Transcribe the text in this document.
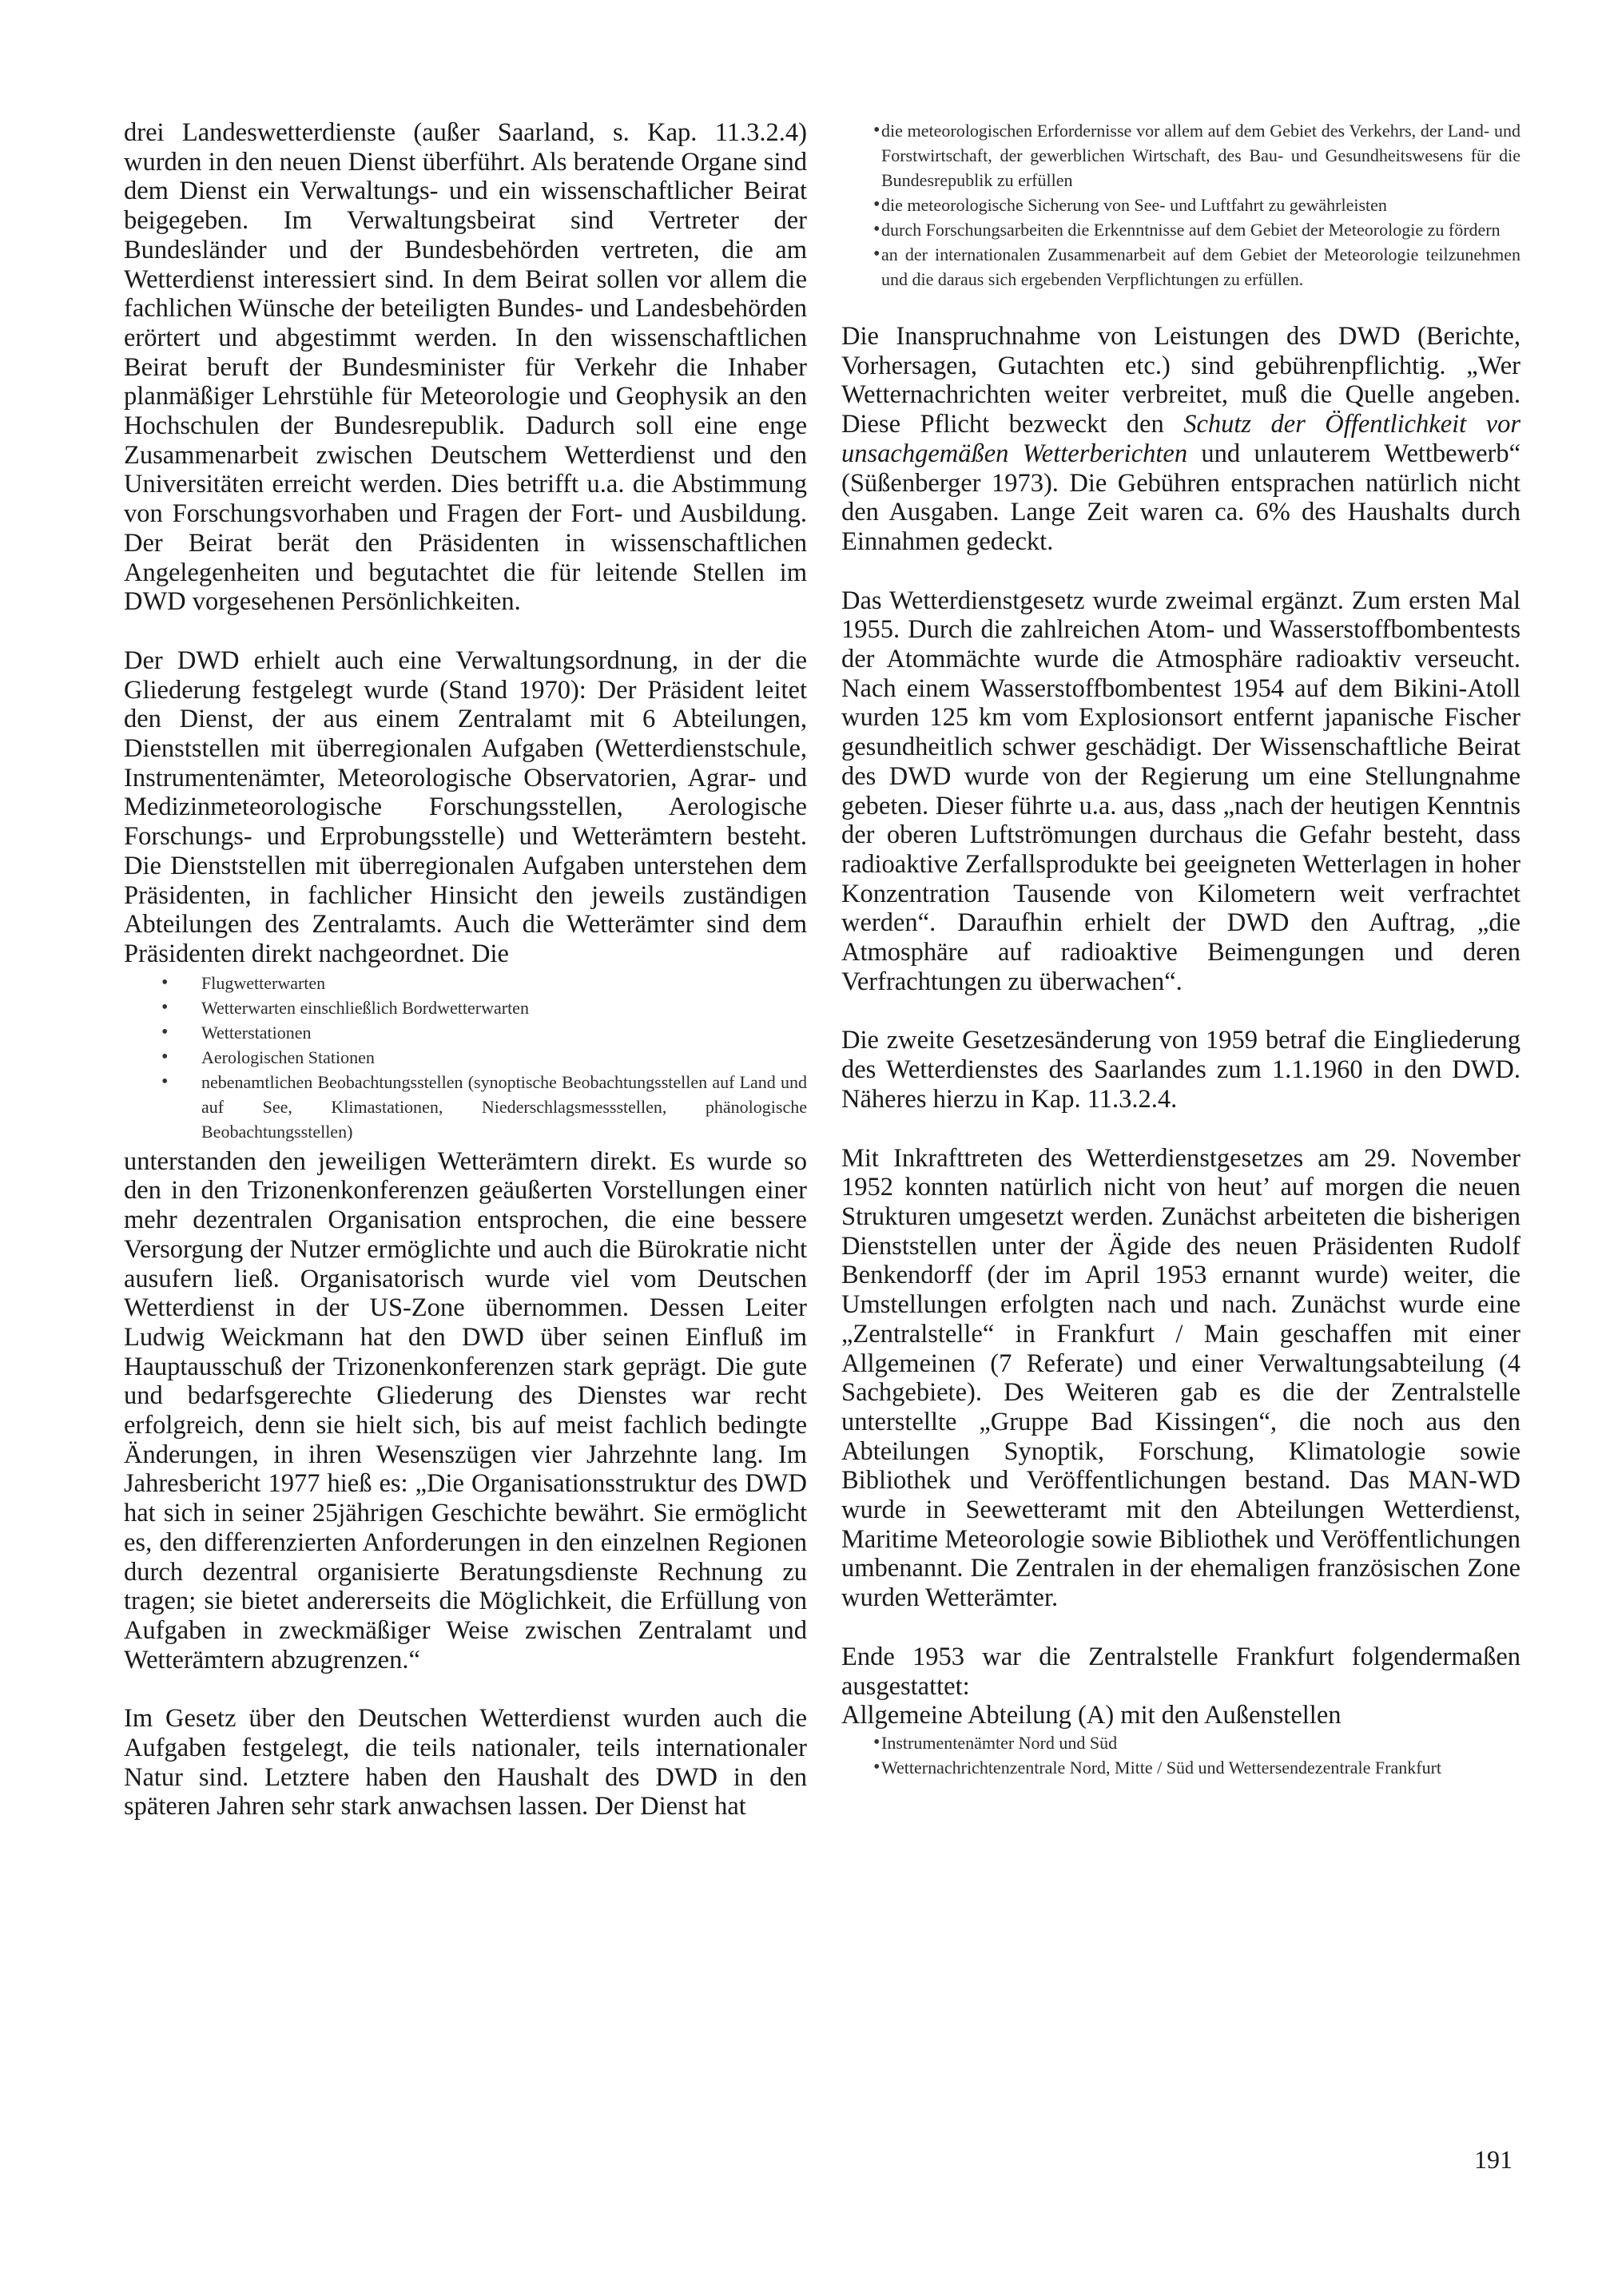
drei Landeswetterdienste (außer Saarland, s. Kap. 11.3.2.4) wurden in den neuen Dienst überführt. Als beratende Organe sind dem Dienst ein Verwaltungs- und ein wissenschaftlicher Beirat beigegeben. Im Verwaltungsbeirat sind Vertreter der Bundesländer und der Bundesbehörden vertreten, die am Wetterdienst interessiert sind. In dem Beirat sollen vor allem die fachlichen Wünsche der beteiligten Bundes- und Landesbehörden erörtert und abgestimmt werden. In den wissenschaftlichen Beirat beruft der Bundesminister für Verkehr die Inhaber planmäßiger Lehrstühle für Meteorologie und Geophysik an den Hochschulen der Bundesrepublik. Dadurch soll eine enge Zusammenarbeit zwischen Deutschem Wetterdienst und den Universitäten erreicht werden. Dies betrifft u.a. die Abstimmung von Forschungsvorhaben und Fragen der Fort- und Ausbildung. Der Beirat berät den Präsidenten in wissenschaftlichen Angelegenheiten und begutachtet die für leitende Stellen im DWD vorgesehenen Persönlichkeiten.

Der DWD erhielt auch eine Verwaltungsordnung, in der die Gliederung festgelegt wurde (Stand 1970): Der Präsident leitet den Dienst, der aus einem Zentralamt mit 6 Abteilungen, Dienststellen mit überregionalen Aufgaben (Wetterdienstschule, Instrumentenämter, Meteorologische Observatorien, Agrar- und Medizinmeteorologische Forschungsstellen, Aerologische Forschungs- und Erprobungsstelle) und Wetterämtern besteht. Die Dienststellen mit überregionalen Aufgaben unterstehen dem Präsidenten, in fachlicher Hinsicht den jeweils zuständigen Abteilungen des Zentralamts. Auch die Wetterämter sind dem Präsidenten direkt nachgeordnet. Die

• Flugwetterwarten
• Wetterwarten einschließlich Bordwetterwarten
• Wetterstationen
• Aerologischen Stationen
• nebenamtlichen Beobachtungsstellen (synoptische Beobachtungsstellen auf Land und auf See, Klimastationen, Niederschlagsmessstellen, phänologische Beobachtungsstellen)

unterstanden den jeweiligen Wetterämtern direkt. Es wurde so den in den Trizonenkonferenzen geäußerten Vorstellungen einer mehr dezentralen Organisation entsprochen, die eine bessere Versorgung der Nutzer ermöglichte und auch die Bürokratie nicht ausufern ließ. Organisatorisch wurde viel vom Deutschen Wetterdienst in der US-Zone übernommen. Dessen Leiter Ludwig Weickmann hat den DWD über seinen Einfluß im Hauptausschuß der Trizonenkonferenzen stark geprägt. Die gute und bedarfsgerechte Gliederung des Dienstes war recht erfolgreich, denn sie hielt sich, bis auf meist fachlich bedingte Änderungen, in ihren Wesenszügen vier Jahrzehnte lang. Im Jahresbericht 1977 hieß es: „Die Organisationsstruktur des DWD hat sich in seiner 25jährigen Geschichte bewährt. Sie ermöglicht es, den differenzierten Anforderungen in den einzelnen Regionen durch dezentral organisierte Beratungsdienste Rechnung zu tragen; sie bietet andererseits die Möglichkeit, die Erfüllung von Aufgaben in zweckmäßiger Weise zwischen Zentralamt und Wetterämtern abzugrenzen.“

Im Gesetz über den Deutschen Wetterdienst wurden auch die Aufgaben festgelegt, die teils nationaler, teils internationaler Natur sind. Letztere haben den Haushalt des DWD in den späteren Jahren sehr stark anwachsen lassen. Der Dienst hat

• die meteorologischen Erfordernisse vor allem auf dem Gebiet des Verkehrs, der Land- und Forstwirtschaft, der gewerblichen Wirtschaft, des Bau- und Gesundheitswesens für die Bundesrepublik zu erfüllen
• die meteorologische Sicherung von See- und Luftfahrt zu gewährleisten
• durch Forschungsarbeiten die Erkenntnisse auf dem Gebiet der Meteorologie zu fördern
• an der internationalen Zusammenarbeit auf dem Gebiet der Meteorologie teilzunehmen und die daraus sich ergebenden Verpflichtungen zu erfüllen.

Die Inanspruchnahme von Leistungen des DWD (Berichte, Vorhersagen, Gutachten etc.) sind gebührenpflichtig. „Wer Wetternachrichten weiter verbreitet, muß die Quelle angeben. Diese Pflicht bezweckt den Schutz der Öffentlichkeit vor unsachgemäßen Wetterberichten und unlauterem Wettbewerb“ (Süßenberger 1973). Die Gebühren entsprachen natürlich nicht den Ausgaben. Lange Zeit waren ca. 6% des Haushalts durch Einnahmen gedeckt.

Das Wetterdienstgesetz wurde zweimal ergänzt. Zum ersten Mal 1955. Durch die zahlreichen Atom- und Wasserstoffbombentests der Atommächte wurde die Atmosphäre radioaktiv verseucht. Nach einem Wasserstoffbombentest 1954 auf dem Bikini-Atoll wurden 125 km vom Explosionsort entfernt japanische Fischer gesundheitlich schwer geschädigt. Der Wissenschaftliche Beirat des DWD wurde von der Regierung um eine Stellungnahme gebeten. Dieser führte u.a. aus, dass „nach der heutigen Kenntnis der oberen Luftströmungen durchaus die Gefahr besteht, dass radioaktive Zerfallsprodukte bei geeigneten Wetterlagen in hoher Konzentration Tausende von Kilometern weit verfrachtet werden“. Daraufhin erhielt der DWD den Auftrag, „die Atmosphäre auf radioaktive Beimengungen und deren Verfrachtungen zu überwachen“.

Die zweite Gesetzesänderung von 1959 betraf die Eingliederung des Wetterdienstes des Saarlandes zum 1.1.1960 in den DWD. Näheres hierzu in Kap. 11.3.2.4.

Mit Inkrafttreten des Wetterdienstgesetzes am 29. November 1952 konnten natürlich nicht von heut’ auf morgen die neuen Strukturen umgesetzt werden. Zunächst arbeiteten die bisherigen Dienststellen unter der Ägide des neuen Präsidenten Rudolf Benkendorff (der im April 1953 ernannt wurde) weiter, die Umstellungen erfolgten nach und nach. Zunächst wurde eine „Zentralstelle“ in Frankfurt / Main geschaffen mit einer Allgemeinen (7 Referate) und einer Verwaltungsabteilung (4 Sachgebiete). Des Weiteren gab es die der Zentralstelle unterstellte „Gruppe Bad Kissingen“, die noch aus den Abteilungen Synoptik, Forschung, Klimatologie sowie Bibliothek und Veröffentlichungen bestand. Das MAN-WD wurde in Seewetteramt mit den Abteilungen Wetterdienst, Maritime Meteorologie sowie Bibliothek und Veröffentlichungen umbenannt. Die Zentralen in der ehemaligen französischen Zone wurden Wetterämter.

Ende 1953 war die Zentralstelle Frankfurt folgendermaßen ausgestattet:

Allgemeine Abteilung (A) mit den Außenstellen

• Instrumentenämter Nord und Süd
• Wetternachrichtenzentrale Nord, Mitte / Süd und Wettersendezentrale Frankfurt
191
